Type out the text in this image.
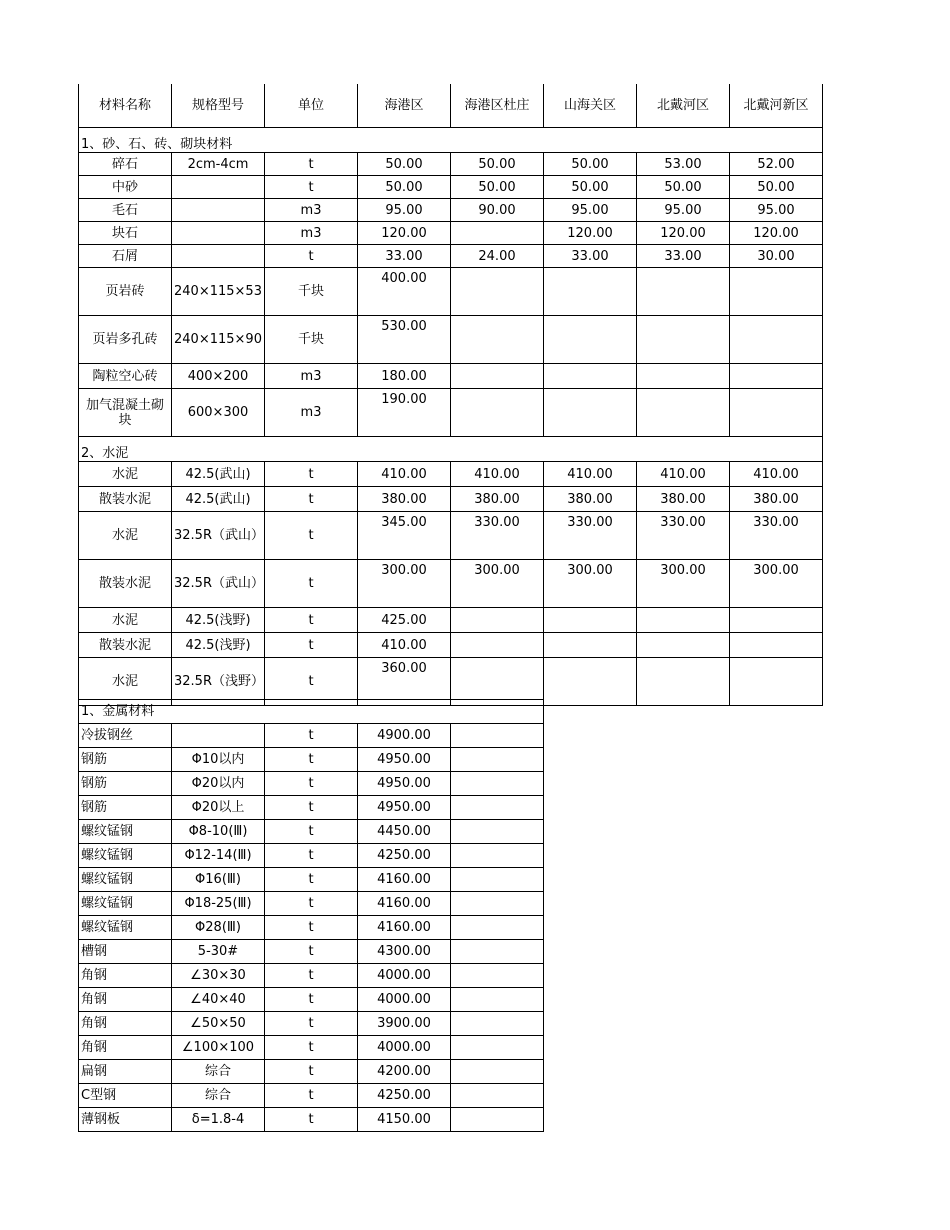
材料名称	规格型号	单位	海港区	海港区杜庄	山海关区	北戴河区	北戴河新区
1、砂、石、砖、砌块材料							
碎石	2cm-4cm	t	50.00	50.00	50.00	53.00	52.00
中砂		t	50.00	50.00	50.00	50.00	50.00
毛石		m3	95.00	90.00	95.00	95.00	95.00
块石		m3	120.00		120.00	120.00	120.00
石屑		t	33.00	24.00	33.00	33.00	30.00
页岩砖	240×115×53	千块	400.00				
页岩多孔砖	240×115×90	千块	530.00				
陶粒空心砖	400×200	m3	180.00				
加气混凝土砌块	600×300	m3	190.00				
2、水泥							
水泥	42.5(武山)	t	410.00	410.00	410.00	410.00	410.00
散装水泥	42.5(武山)	t	380.00	380.00	380.00	380.00	380.00
水泥	32.5R（武山）	t	345.00	330.00	330.00	330.00	330.00
散装水泥	32.5R（武山）	t	300.00	300.00	300.00	300.00	300.00
水泥	42.5(浅野)	t	425.00				
散装水泥	42.5(浅野)	t	410.00				
水泥	32.5R（浅野）	t	360.00				
1、金属材料				
冷拔钢丝		t	4900.00	
钢筋	Φ10以内	t	4950.00	
钢筋	Φ20以内	t	4950.00	
钢筋	Φ20以上	t	4950.00	
螺纹锰钢	Φ8-10(Ⅲ)	t	4450.00	
螺纹锰钢	Φ12-14(Ⅲ)	t	4250.00	
螺纹锰钢	Φ16(Ⅲ)	t	4160.00	
螺纹锰钢	Φ18-25(Ⅲ)	t	4160.00	
螺纹锰钢	Φ28(Ⅲ)	t	4160.00	
槽钢	5-30#	t	4300.00	
角钢	∠30×30	t	4000.00	
角钢	∠40×40	t	4000.00	
角钢	∠50×50	t	3900.00	
角钢	∠100×100	t	4000.00	
扁钢	综合	t	4200.00	
C型钢	综合	t	4250.00	
薄钢板	δ=1.8-4	t	4150.00	
